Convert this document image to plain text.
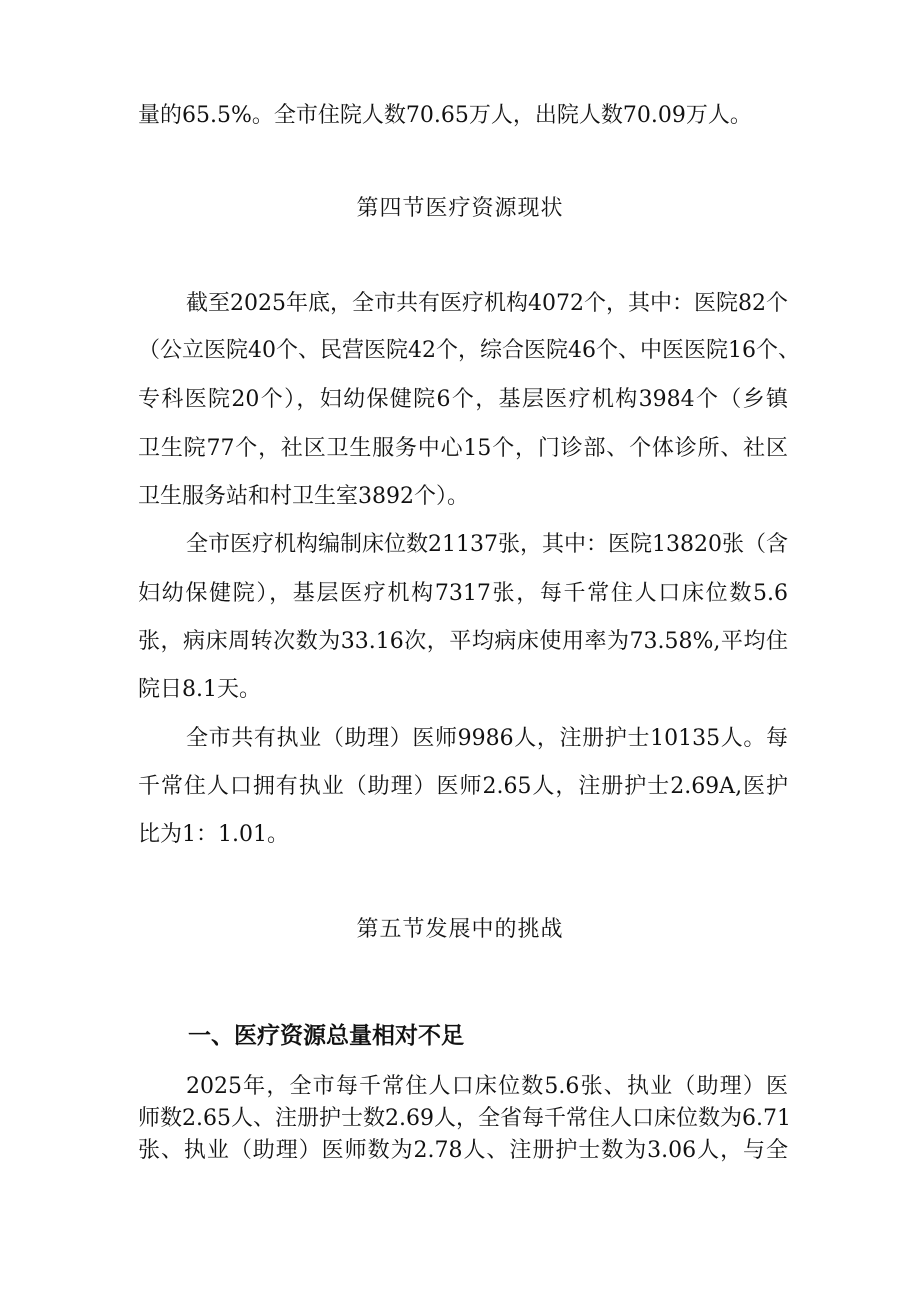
量的65.5%。全市住院人数70.65万人，出院人数70.09万人。
第四节医疗资源现状
截至2025年底，全市共有医疗机构4072个，其中：医院82个
（公立医院40个、民营医院42个，综合医院46个、中医医院16个、
专科医院20个），妇幼保健院6个，基层医疗机构3984个（乡镇
卫生院77个，社区卫生服务中心15个，门诊部、个体诊所、社区
卫生服务站和村卫生室3892个）。
全市医疗机构编制床位数21137张，其中：医院13820张（含
妇幼保健院），基层医疗机构7317张，每千常住人口床位数5.6
张，病床周转次数为33.16次，平均病床使用率为73.58%,平均住
院日8.1天。
全市共有执业（助理）医师9986人，注册护士10135人。每
千常住人口拥有执业（助理）医师2.65人，注册护士2.69A,医护
比为1：1.01。
第五节发展中的挑战
一、医疗资源总量相对不足
2025年，全市每千常住人口床位数5.6张、执业（助理）医
师数2.65人、注册护士数2.69人，全省每千常住人口床位数为6.71
张、执业（助理）医师数为2.78人、注册护士数为3.06人，与全
